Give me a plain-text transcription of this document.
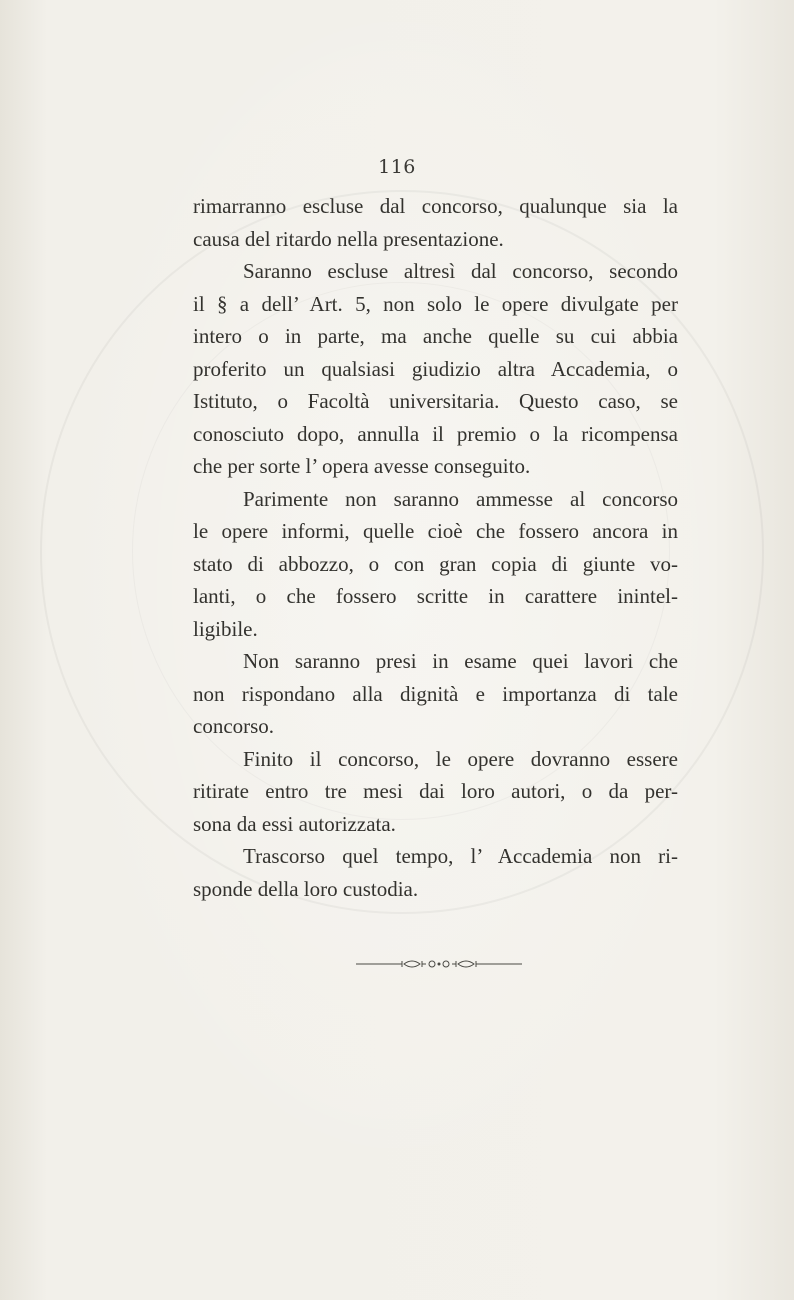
116
rimarranno escluse dal concorso, qualunque sia la
causa del ritardo nella presentazione.
Saranno escluse altresì dal concorso, secondo
il § a dell’ Art. 5, non solo le opere divulgate per
intero o in parte, ma anche quelle su cui abbia
proferito un qualsiasi giudizio altra Accademia, o
Istituto, o Facoltà universitaria. Questo caso, se
conosciuto dopo, annulla il premio o la ricompensa
che per sorte l’ opera avesse conseguito.
Parimente non saranno ammesse al concorso
le opere informi, quelle cioè che fossero ancora in
stato di abbozzo, o con gran copia di giunte vo-
lanti, o che fossero scritte in carattere inintel-
ligibile.
Non saranno presi in esame quei lavori che
non rispondano alla dignità e importanza di tale
concorso.
Finito il concorso, le opere dovranno essere
ritirate entro tre mesi dai loro autori, o da per-
sona da essi autorizzata.
Trascorso quel tempo, l’ Accademia non ri-
sponde della loro custodia.
